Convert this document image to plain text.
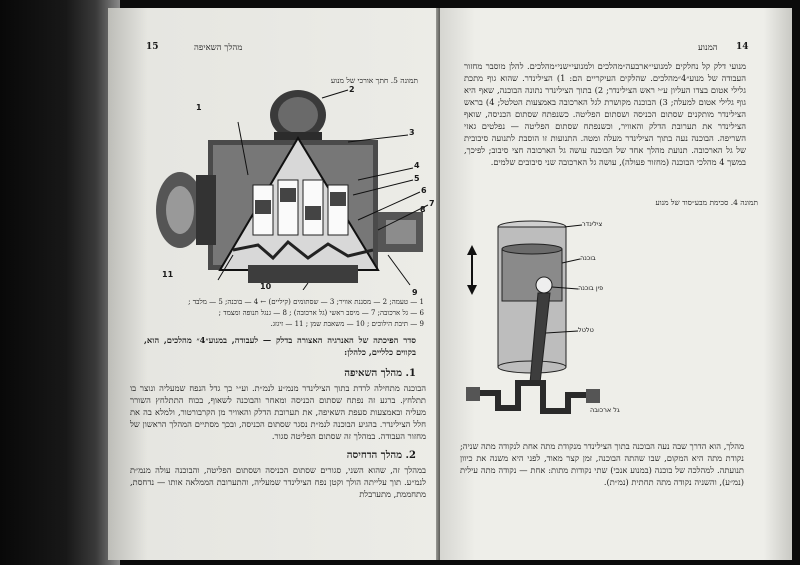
15	מהלך השאיפה
תמונה 5. חתך אורכי של מנוע
1
2
3
4
5
6
7
8
9
10
11
1 — טעמה; 2 — מסננת אוויר; 3 — שסתומים (קיליים) ← 4 — בוכנה; 5 — מלבד ;
6 — גל ארכובה; 7 — מיסב ראשי (גל ארכובה) ; 8 — גנגל תנופה ומצמד ;
9 — תיבת הילוכים ; 10 — משאבת שמן ; 11 — זיגזג.
סדר הפיכתה של האנרגיה האצורה בדלק — לעבודה, במנוע״4״ מהלכים, הוא, בקווים כלליים, כלהלן:
1. מהלך השאיפה
הבוכנה מתחילה לרדת בתוך הצילינדר מנמ״ע לנמ״ת. וע״י כך גדל הנפח שמעליה ונוצר בו תתלחץ. ברגע זה נפתח שסתום הכניסה ומאחר והבוכנה לשאוף, בכוח התתלחץ השורר מעליה ובאמצעות סעפת השאיפה, את תערובת הדלק והאוויר מן הקרבורטור, ולמלא בה את חלל הצילינדר. בהגיע הבוכנה לנמ״ת נסגר שסתום הכניסה, ובכך מסתיים המהלך הראשון של מחזור העבודה. במהלך זה שסתום הפליטה סגור.
2. מהלך הדחיסה
במהלך זה, שהוא השני, סגורים שסתום הכניסה ושסתום הפליטה, והבוכנה עולה מנמ״ת לנמ״ע. תוך עלייתה הולך וקטן נפח הצילינדר שמעליה, והתערובת הממלאה אותו — נדחסת, מתחממת, מתערבלת
המנוע 14
מנועי דלק קל נחלקים למנועי״ארבעה״מהלכים ולמנועי״שני״מהלכים. להלן מוסבר מחזור העבודה של מנוע״4״מהלכים. שהלקים העיקריים הם: 1) הצילינדר. שהוא גוף מתכת גלילי אטום בצדו העליון ע״י ראש הצילינדר; 2) בתוך הצילינדר נתונה הבוכנה, שאף היא גוף גלילי אטום למעלה; 3) הבוכנה מקושרת לגל הארכובה באמצעות הטלטל; 4) בראש הצילינדר מותקנים שסתום הכניסה ושסתום הפליטה. כשנפתח שסתום הכניסה, שואף הצילינדר את תערובת הדלק והאוויר, וכשנפתח שסתום הפליטה — נפלטים גאזי השריפה. הבוכנה נעה בתוך הצילינדר מעלה ומטה. התנועות זו הוסבת לתנועה סיבובית של גל הארכובה. תנועת מהלך אחד של הבוכנה עושה גל הארכובה חצי סיבוב; לפיכך, במשך 4 מהלכי הבוכנה (מחזור פעולה), עושה גל הארכובה שני סיבובים שלמים.
תמונה 4. סכימת מבע״סוד של מנוע
צילינדר
בוכנה
פין בוכנה
טלטל
גל ארכובה
מהלך, הוא הדרך שבה נעה הבוכנה בתוך הצילינדר מנקודת מתה אחת לנקודה מתה שניה; נקודת מתה היא המקום, שבו שהתה הבוכנה, זמן קצר מאוד, לפני היא משנה את כיוון תנועתה. למהלכה של בוכנה (במנוע אנכי) שתי נקודות מתות: אחת — נקודה מתה עילית (נמ״ע), והשניה נקודה מתה תחתית (נמ״ת).
